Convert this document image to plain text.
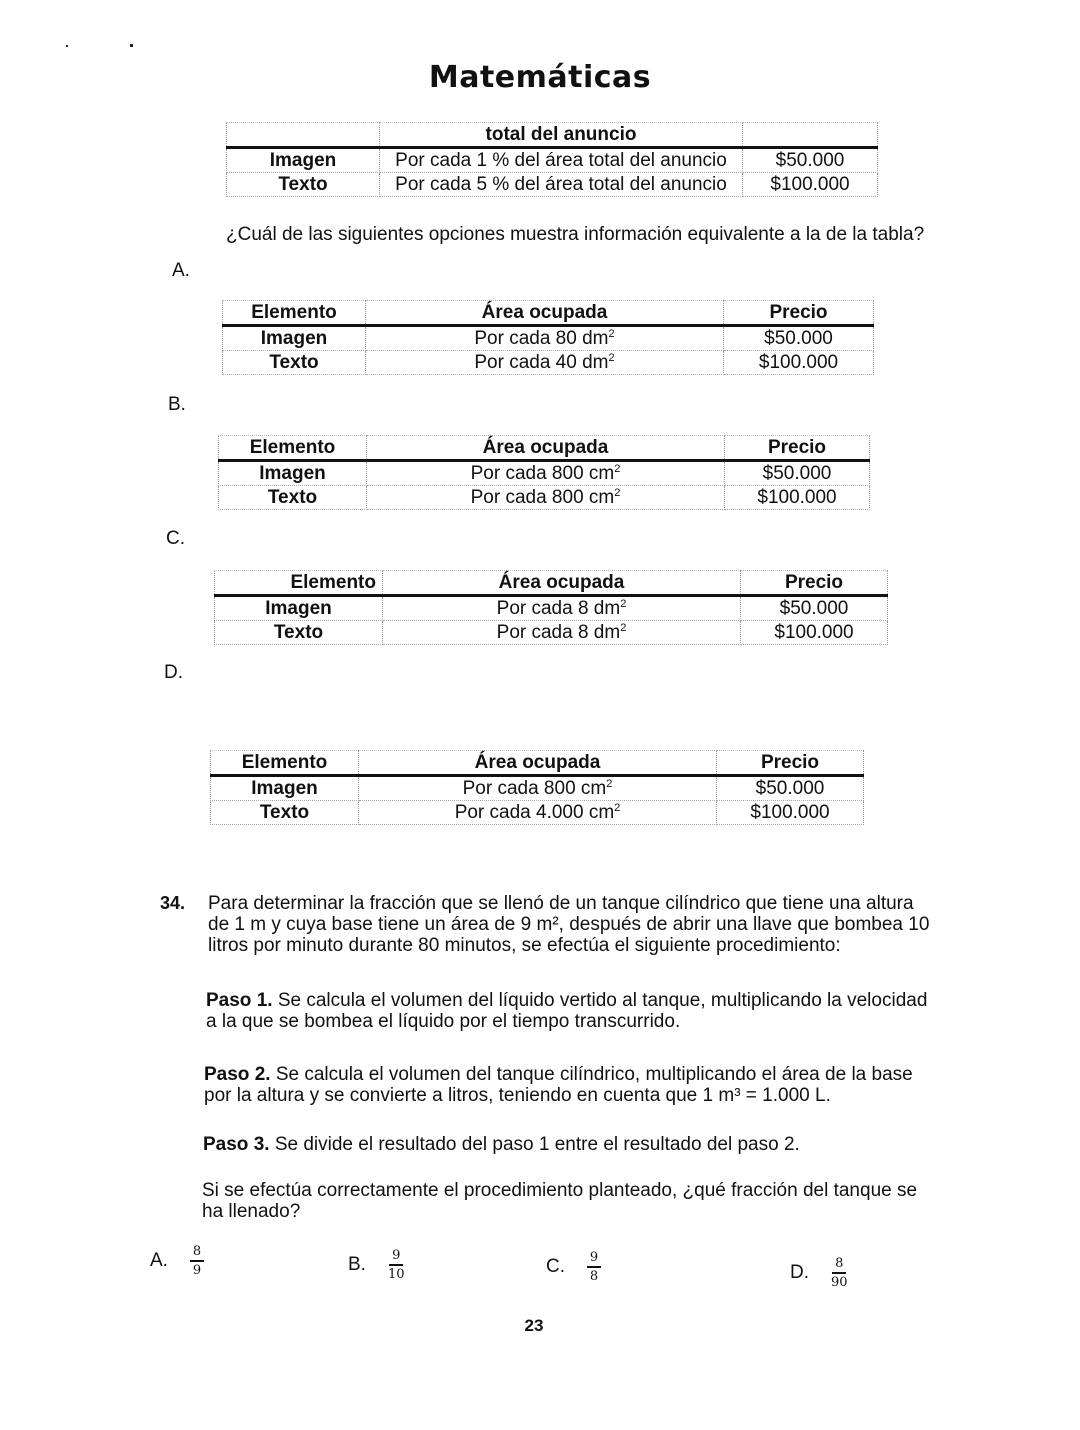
Matemáticas
	total del anuncio	
Imagen	Por cada 1 % del área total del anuncio	$50.000
Texto	Por cada 5 % del área total del anuncio	$100.000
¿Cuál de las siguientes opciones muestra información equivalente a la de la tabla?
A.
Elemento	Área ocupada	Precio
Imagen	Por cada 80 $dm^2$	$50.000
Texto	Por cada 40 $dm^2$	$100.000
B.
Elemento	Área ocupada	Precio
Imagen	Por cada 800 $cm^2$	$50.000
Texto	Por cada 800 $cm^2$	$100.000
C.
Elemento	Área ocupada	Precio
Imagen	Por cada 8 $dm^2$	$50.000
Texto	Por cada 8 $dm^2$	$100.000
D.
Elemento	Área ocupada	Precio
Imagen	Por cada 800 $cm^2$	$50.000
Texto	Por cada 4.000 $cm^2$	$100.000
34. Para determinar la fracción que se llenó de un tanque cilíndrico que tiene una altura
de 1 m y cuya base tiene un área de 9 m², después de abrir una llave que bombea 10
litros por minuto durante 80 minutos, se efectúa el siguiente procedimiento:
Paso 1. Se calcula el volumen del líquido vertido al tanque, multiplicando la velocidad
a la que se bombea el líquido por el tiempo transcurrido.
Paso 2. Se calcula el volumen del tanque cilíndrico, multiplicando el área de la base
por la altura y se convierte a litros, teniendo en cuenta que 1 m³ = 1.000 L.
Paso 3. Se divide el resultado del paso 1 entre el resultado del paso 2.
Si se efectúa correctamente el procedimiento planteado, ¿qué fracción del tanque se
ha llenado?
A. $\frac{8}{9}$	B. $\frac{9}{10}$	C. $\frac{9}{8}$	D. $\frac{8}{90}$
23
